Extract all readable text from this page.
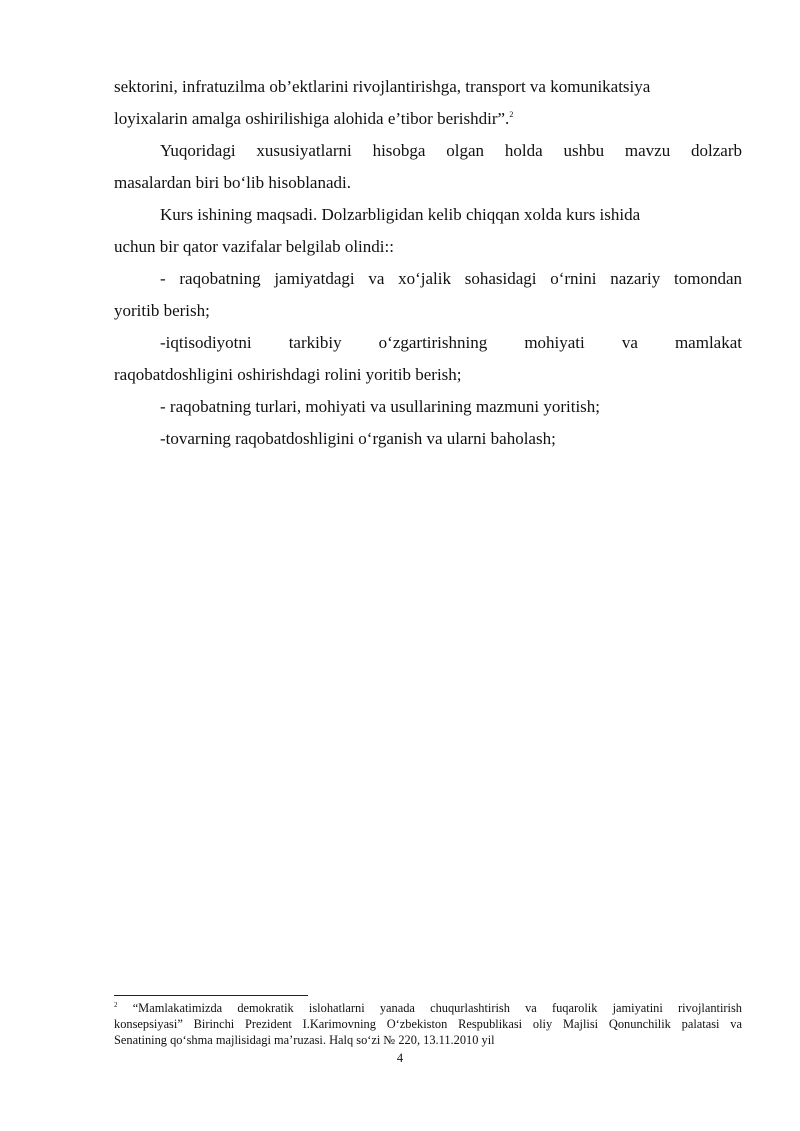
sektorini, infratuzilma ob’ektlarini rivojlantirishga, transport va komunikatsiya
loyixalarin amalga oshirilishiga alohida e’tibor berishdir”.$^2$
Yuqoridagi xususiyatlarni hisobga olgan holda ushbu mavzu dolzarb
masalardan biri bo‘lib hisoblanadi.
Kurs ishining maqsadi. Dolzarbligidan kelib chiqqan xolda kurs ishida
uchun bir qator vazifalar belgilab olindi::
- raqobatning jamiyatdagi va xo‘jalik sohasidagi o‘rnini nazariy tomondan
yoritib berish;
-iqtisodiyotni tarkibiy o‘zgartirishning mohiyati va mamlakat
raqobatdoshligini oshirishdagi rolini yoritib berish;
- raqobatning turlari, mohiyati va usullarining mazmuni yoritish;
-tovarning raqobatdoshligini o‘rganish va ularni baholash;
$^2$ “Mamlakatimizda demokratik islohatlarni yanada chuqurlashtirish va fuqarolik jamiyatini rivojlantirish
konsepsiyasi” Birinchi Prezident I.Karimovning O‘zbekiston Respublikasi oliy Majlisi Qonunchilik palatasi va
Senatining qo‘shma majlisidagi ma’ruzasi. Halq so‘zi № 220, 13.11.2010 yil
4
